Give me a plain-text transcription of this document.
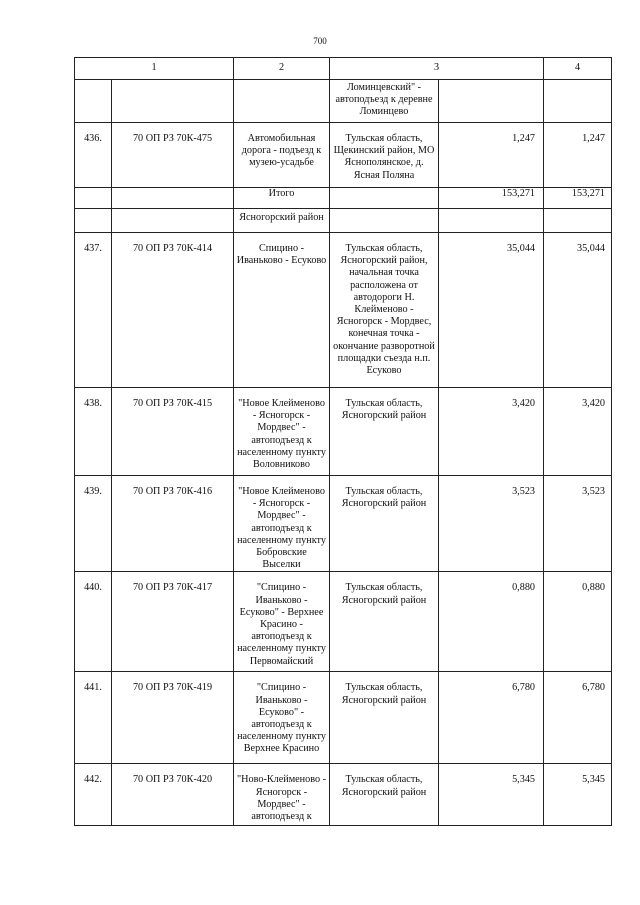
700
1		2	3		4
			Ломинцевский" - автоподъезд к деревне Ломинцево		
436.	70 ОП РЗ 70К-475	Автомобильная дорога - подъезд к музею-усадьбе	Тульская область, Щекинский район, МО Яснополянское, д. Ясная Поляна	1,247	1,247
		Итого		153,271	153,271
		Ясногорский район			
437.	70 ОП РЗ 70К-414	Спицино - Иваньково - Есуково	Тульская область, Ясногорский район, начальная точка расположена от автодороги Н. Клейменово - Ясногорск - Мордвес, конечная точка - окончание разворотной площадки съезда н.п. Есуково	35,044	35,044
438.	70 ОП РЗ 70К-415	"Новое Клейменово - Ясногорск - Мордвес" - автоподъезд к населенному пункту Воловниково	Тульская область, Ясногорский район	3,420	3,420
439.	70 ОП РЗ 70К-416	"Новое Клейменово - Ясногорск - Мордвес" - автоподъезд к населенному пункту Бобровские Выселки	Тульская область, Ясногорский район	3,523	3,523
440.	70 ОП РЗ 70К-417	"Спицино - Иваньково - Есуково" - Верхнее Красино - автоподъезд к населенному пункту Первомайский	Тульская область, Ясногорский район	0,880	0,880
441.	70 ОП РЗ 70К-419	"Спицино - Иваньково - Есуково" - автоподъезд к населенному пункту Верхнее Красино	Тульская область, Ясногорский район	6,780	6,780
442.	70 ОП РЗ 70К-420	"Ново-Клейменово - Ясногорск - Мордвес" - автоподъезд к	Тульская область, Ясногорский район	5,345	5,345
